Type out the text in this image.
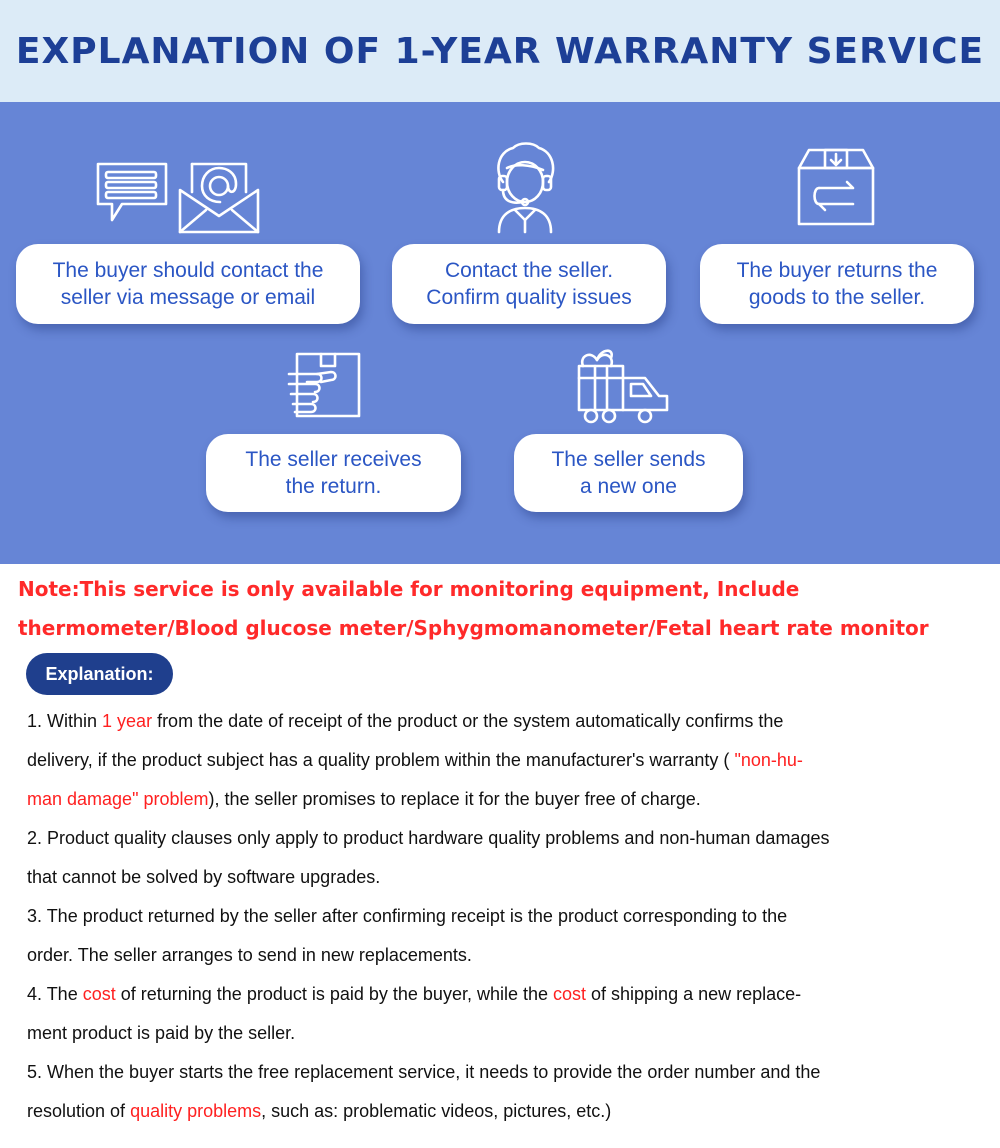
EXPLANATION OF 1-YEAR WARRANTY SERVICE
The buyer should contact the
seller via message or email
Contact the seller.
Confirm quality issues
The buyer returns the
goods to the seller.
The seller receives
the return.
The seller sends
a new one
Note:This service is only available for monitoring equipment, Include
thermometer/Blood glucose meter/Sphygmomanometer/Fetal heart rate monitor
Explanation:
1. Within 1 year from the date of receipt of the product or the system automatically confirms the
delivery, if the product subject has a quality problem within the manufacturer's warranty ( "non-hu-
man damage" problem), the seller promises to replace it for the buyer free of charge.
2. Product quality clauses only apply to product hardware quality problems and non-human damages
that cannot be solved by software upgrades.
3. The product returned by the seller after confirming receipt is the product corresponding to the
order. The seller arranges to send in new replacements.
4. The cost of returning the product is paid by the buyer, while the cost of shipping a new replace-
ment product is paid by the seller.
5. When the buyer starts the free replacement service, it needs to provide the order number and the
resolution of quality problems, such as: problematic videos, pictures, etc.)
